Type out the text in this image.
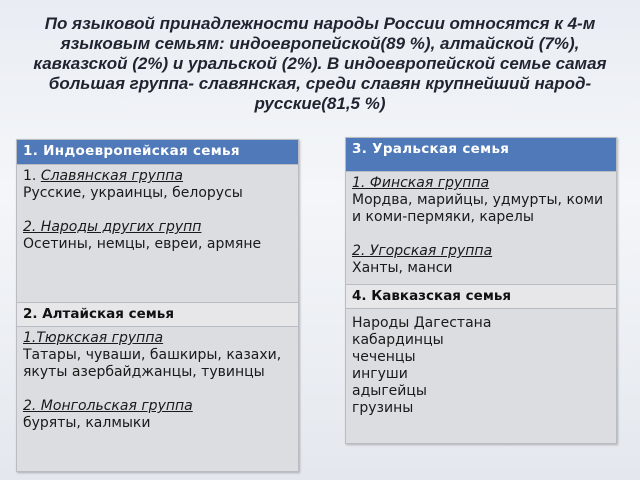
По языковой принадлежности народы России относятся к 4-м языковым семьям: индоевропейской(89 %), алтайской (7%), кавказской (2%) и уральской (2%). В индоевропейской семье самая большая группа- славянская, среди славян крупнейший народ- русские(81,5 %)
1. Индоевропейская семья

1. Славянская группа
Русские, украинцы, белорусы
2. Народы других групп
Осетины, немцы, евреи, армяне

2. Алтайская семья

1.Тюркская группа
Татары, чуваши, башкиры, казахи, якуты азербайджанцы, тувинцы
2. Монгольская группа
буряты, калмыки
3. Уральская семья

1. Финская группа
Мордва, марийцы, удмурты, коми и коми-пермяки, карелы
2. Угорская группа
Ханты, манси

4. Кавказская семья

Народы Дагестана
кабардинцы
чеченцы
ингуши
адыгейцы
грузины
